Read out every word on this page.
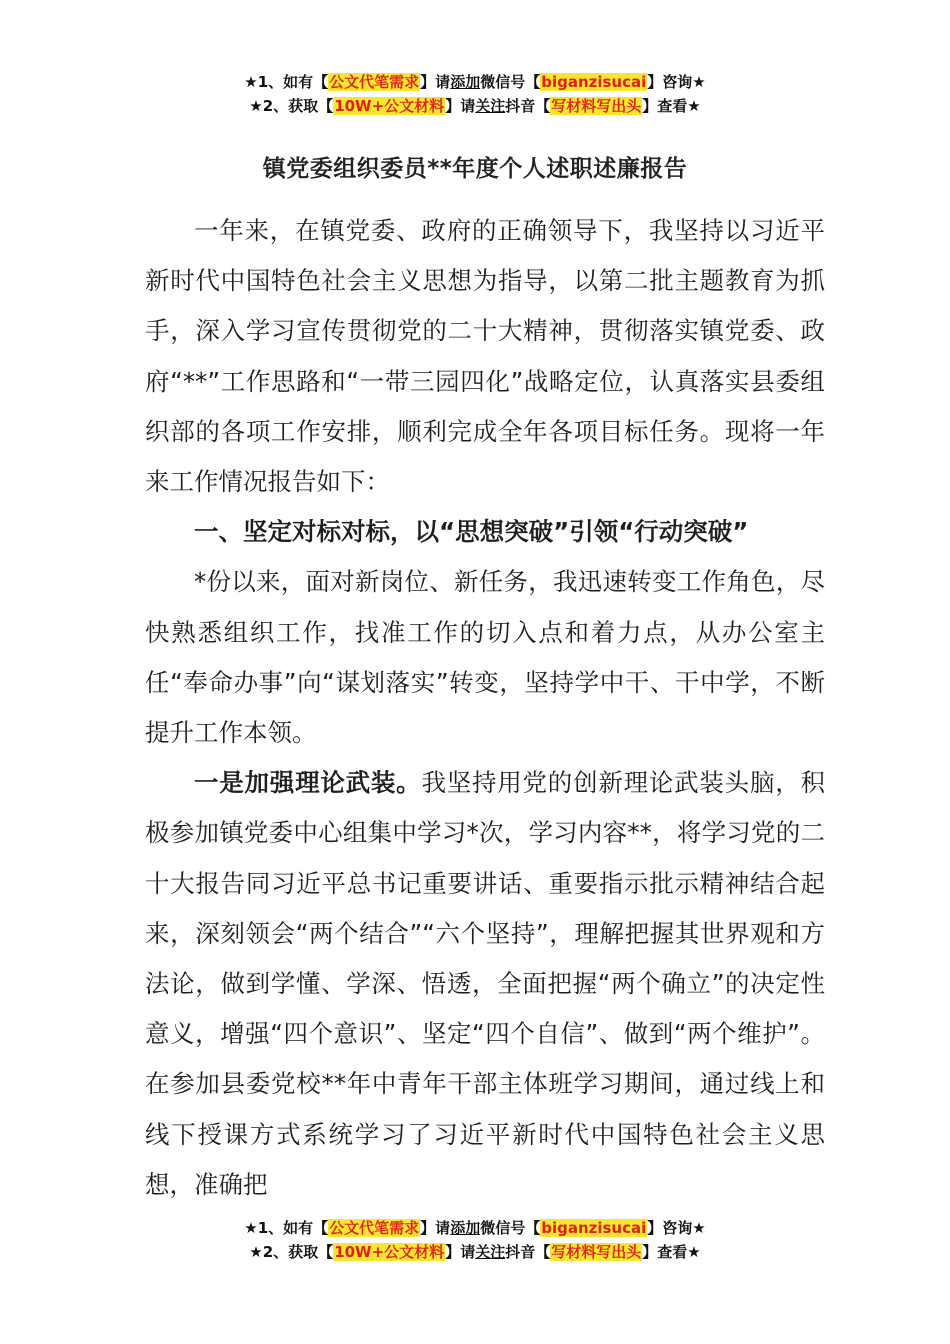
★1、如有【公文代笔需求】请添加微信号【biganzisucai】咨询★
★2、获取【10W+公文材料】请关注抖音【写材料写出头】查看★
镇党委组织委员**年度个人述职述廉报告

一年来，在镇党委、政府的正确领导下，我坚持以习近平新时代中国特色社会主义思想为指导，以第二批主题教育为抓手，深入学习宣传贯彻党的二十大精神，贯彻落实镇党委、政府“**”工作思路和“一带三园四化”战略定位，认真落实县委组织部的各项工作安排，顺利完成全年各项目标任务。现将一年来工作情况报告如下：

一、坚定对标对标，以“思想突破”引领“行动突破”

*份以来，面对新岗位、新任务，我迅速转变工作角色，尽快熟悉组织工作，找准工作的切入点和着力点，从办公室主任“奉命办事”向“谋划落实”转变，坚持学中干、干中学，不断提升工作本领。

一是加强理论武装。我坚持用党的创新理论武装头脑，积极参加镇党委中心组集中学习*次，学习内容**，将学习党的二十大报告同习近平总书记重要讲话、重要指示批示精神结合起来，深刻领会“两个结合”“六个坚持”，理解把握其世界观和方法论，做到学懂、学深、悟透，全面把握“两个确立”的决定性意义，增强“四个意识”、坚定“四个自信”、做到“两个维护”。在参加县委党校**年中青年干部主体班学习期间，通过线上和线下授课方式系统学习了习近平新时代中国特色社会主义思想，准确把

★1、如有【公文代笔需求】请添加微信号【biganzisucai】咨询★
★2、获取【10W+公文材料】请关注抖音【写材料写出头】查看★
